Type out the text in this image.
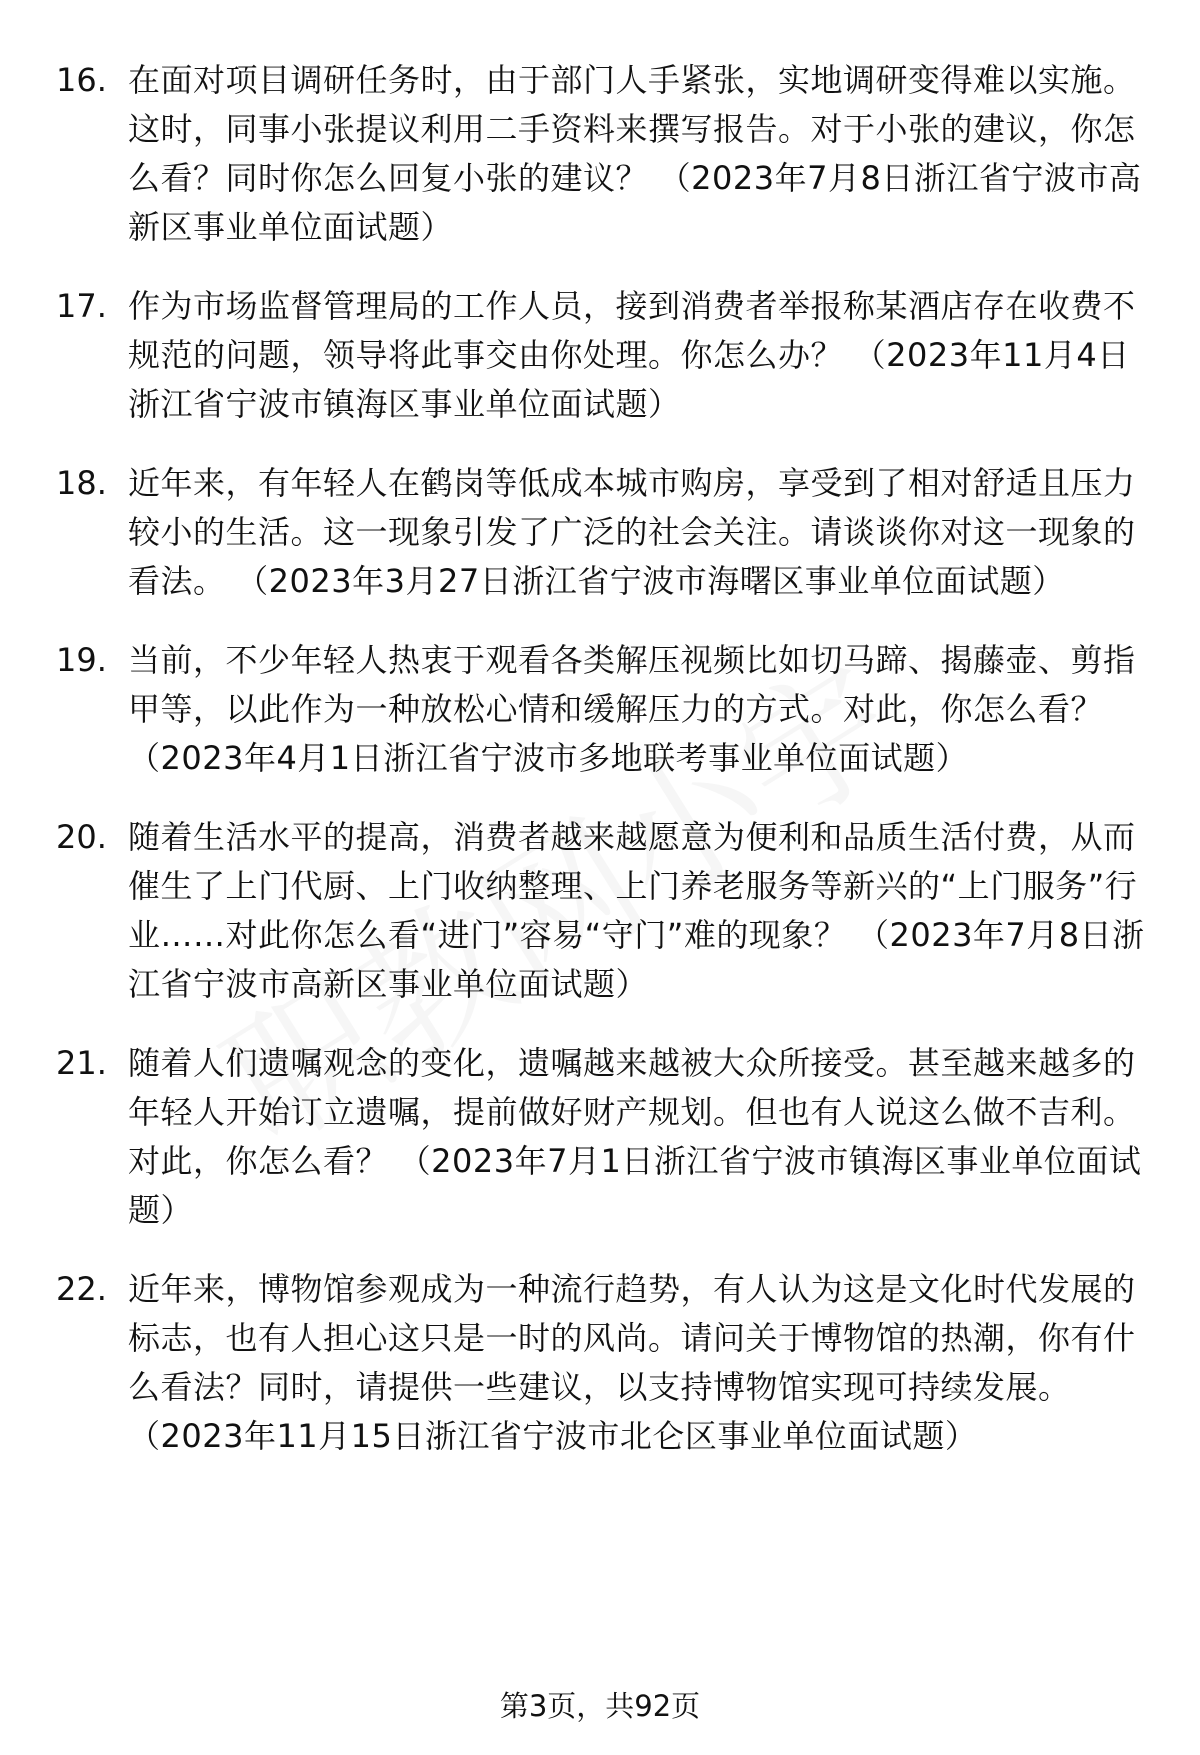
16. 在面对项目调研任务时，由于部门人手紧张，实地调研变得难以实施。这时，同事小张提议利用二手资料来撰写报告。对于小张的建议，你怎么看？同时你怎么回复小张的建议？ （2023年7月8日浙江省宁波市高新区事业单位面试题）
17. 作为市场监督管理局的工作人员，接到消费者举报称某酒店存在收费不规范的问题，领导将此事交由你处理。你怎么办？ （2023年11月4日浙江省宁波市镇海区事业单位面试题）
18. 近年来，有年轻人在鹤岗等低成本城市购房，享受到了相对舒适且压力较小的生活。这一现象引发了广泛的社会关注。请谈谈你对这一现象的看法。 （2023年3月27日浙江省宁波市海曙区事业单位面试题）
19. 当前，不少年轻人热衷于观看各类解压视频比如切马蹄、揭藤壶、剪指甲等，以此作为一种放松心情和缓解压力的方式。对此，你怎么看？ （2023年4月1日浙江省宁波市多地联考事业单位面试题）
20. 随着生活水平的提高，消费者越来越愿意为便利和品质生活付费，从而催生了上门代厨、上门收纳整理、上门养老服务等新兴的“上门服务”行业……对此你怎么看“进门”容易“守门”难的现象？ （2023年7月8日浙江省宁波市高新区事业单位面试题）
21. 随着人们遗嘱观念的变化，遗嘱越来越被大众所接受。甚至越来越多的年轻人开始订立遗嘱，提前做好财产规划。但也有人说这么做不吉利。对此，你怎么看？ （2023年7月1日浙江省宁波市镇海区事业单位面试题）
22. 近年来，博物馆参观成为一种流行趋势，有人认为这是文化时代发展的标志，也有人担心这只是一时的风尚。请问关于博物馆的热潮，你有什么看法？同时，请提供一些建议，以支持博物馆实现可持续发展。 （2023年11月15日浙江省宁波市北仑区事业单位面试题）
第3页，共92页
